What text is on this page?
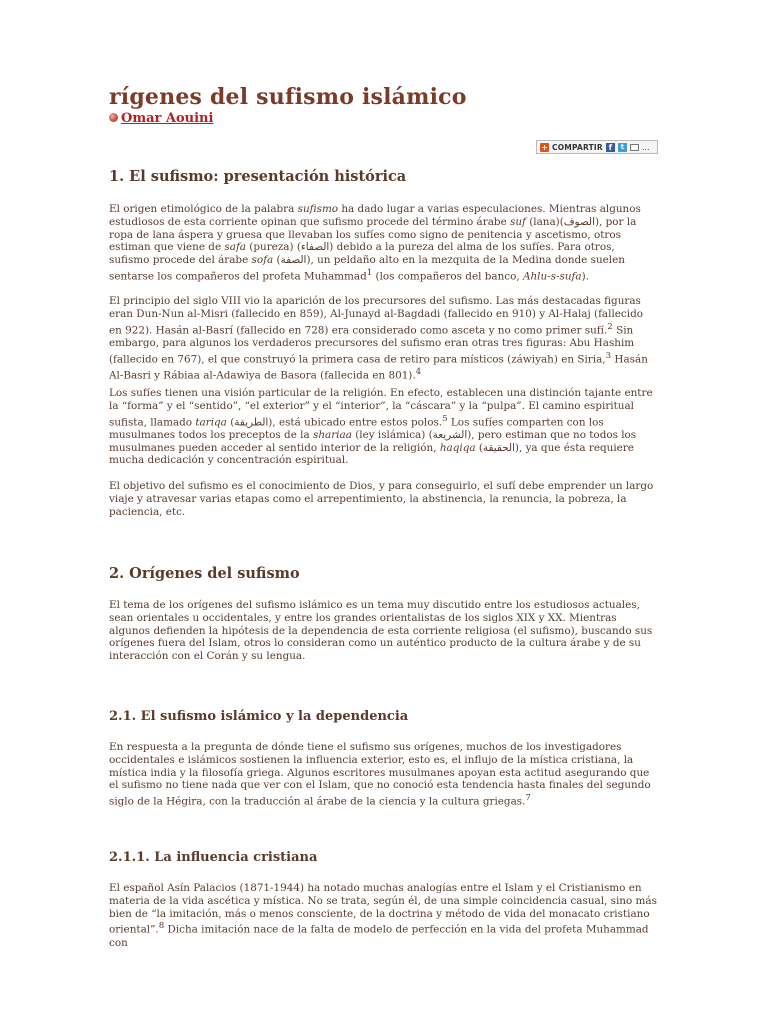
rígenes del sufismo islámico
Omar Aouini
+ COMPARTIR f	t	...
1. El sufismo: presentación histórica

El origen etimológico de la palabra sufismo ha dado lugar a varias especulaciones. Mientras algunos estudiosos de esta corriente opinan que sufismo procede del término árabe suf (lana)(الصوف), por la ropa de lana áspera y gruesa que llevaban los sufíes como signo de penitencia y ascetismo, otros estiman que viene de safa (pureza) (الصفاء) debido a la pureza del alma de los sufíes. Para otros, sufismo procede del árabe sofa (الصفة), un peldaño alto en la mezquita de la Medina donde suelen sentarse los compañeros del profeta Muhammad$^1$ (los compañeros del banco, Ahlu-s-sufa).

El principio del siglo VIII vio la aparición de los precursores del sufismo. Las más destacadas figuras eran Dun-Nun al-Misri (fallecido en 859), Al-Junayd al-Bagdadi (fallecido en 910) y Al-Halaj (fallecido en 922). Hasán al-Basrí (fallecido en 728) era considerado como asceta y no como primer sufí.$^2$ Sin embargo, para algunos los verdaderos precursores del sufismo eran otras tres figuras: Abu Hashim (fallecido en 767), el que construyó la primera casa de retiro para místicos (záwiyah) en Siria,$^3$ Hasán Al-Basri y Rábiaa al-Adawiya de Basora (fallecida en 801).$^4$

Los sufíes tienen una visión particular de la religión. En efecto, establecen una distinción tajante entre la “forma” y el “sentido”, “el exterior” y el “interior”, la “cáscara” y la “pulpa”. El camino espiritual sufista, llamado tariqa (الطريقة), está ubicado entre estos polos.$^5$ Los sufíes comparten con los musulmanes todos los preceptos de la shariaa (ley islámica) (الشريعة), pero estiman que no todos los musulmanes pueden acceder al sentido interior de la religión, haqiqa (الحقيقة), ya que ésta requiere mucha dedicación y concentración espiritual.

El objetivo del sufismo es el conocimiento de Dios, y para conseguirlo, el sufí debe emprender un largo viaje y atravesar varias etapas como el arrepentimiento, la abstinencia, la renuncia, la pobreza, la paciencia, etc.

2. Orígenes del sufismo

El tema de los orígenes del sufismo islámico es un tema muy discutido entre los estudiosos actuales, sean orientales u occidentales, y entre los grandes orientalistas de los siglos XIX y XX. Mientras algunos defienden la hipótesis de la dependencia de esta corriente religiosa (el sufismo), buscando sus orígenes fuera del Islam, otros lo consideran como un auténtico producto de la cultura árabe y de su interacción con el Corán y su lengua.

2.1. El sufismo islámico y la dependencia

En respuesta a la pregunta de dónde tiene el sufismo sus orígenes, muchos de los investigadores occidentales e islámicos sostienen la influencia exterior, esto es, el influjo de la mística cristiana, la mística india y la filosofía griega. Algunos escritores musulmanes apoyan esta actitud asegurando que el sufismo no tiene nada que ver con el Islam, que no conoció esta tendencia hasta finales del segundo siglo de la Hégira, con la traducción al árabe de la ciencia y la cultura griegas.$^7$

2.1.1. La influencia cristiana

El español Asín Palacios (1871-1944) ha notado muchas analogías entre el Islam y el Cristianismo en materia de la vida ascética y mística. No se trata, según él, de una simple coincidencia casual, sino más bien de “la imitación, más o menos consciente, de la doctrina y método de vida del monacato cristiano oriental”.$^8$ Dicha imitación nace de la falta de modelo de perfección en la vida del profeta Muhammad con
